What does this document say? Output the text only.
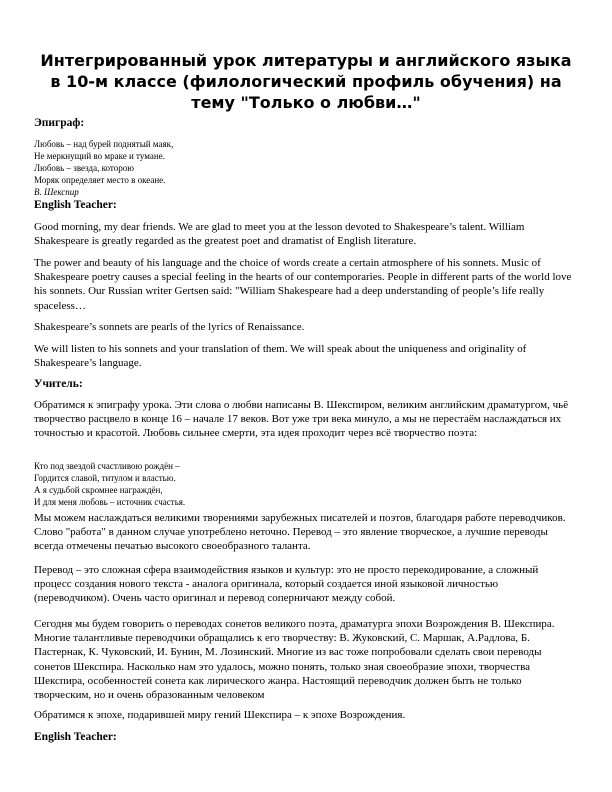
Интегрированный урок литературы и английского языка в 10-м классе (филологический профиль обучения) на тему "Только о любви…"
Эпиграф:
Любовь – над бурей поднятый маяк,
Не меркнущий во мраке и тумане.
Любовь – звезда, которою
Моряк определяет место в океане.
В. Шекспир
English Teacher:

Good morning, my dear friends. We are glad to meet you at the lesson devoted to Shakespeare’s talent. William Shakespeare is greatly regarded as the greatest poet and dramatist of English literature.

The power and beauty of his language and the choice of words create a certain atmosphere of his sonnets. Music of Shakespeare poetry causes a special feeling in the hearts of our contemporaries. People in different parts of the world love his sonnets. Our Russian writer Gertsen said: "William Shakespeare had a deep understanding of people’s life really spaceless…

Shakespeare’s sonnets are pearls of the lyrics of Renaissance.

We will listen to his sonnets and your translation of them. We will speak about the uniqueness and originality of Shakespeare’s language.

Учитель:

Обратимся к эпиграфу урока. Эти слова о любви написаны В. Шекспиром, великим английским драматургом, чьё творчество расцвело в конце 16 – начале 17 веков. Вот уже три века минуло, а мы не перестаём наслаждаться их точностью и красотой. Любовь сильнее смерти, эта идея проходит через всё творчество поэта:

Кто под звездой счастливою рождён –
Гордится славой, титулом и властью.
А я судьбой скромнее награждён,
И для меня любовь – источник счастья.

Мы можем наслаждаться великими творениями зарубежных писателей и поэтов, благодаря работе переводчиков. Слово "работа" в данном случае употреблено неточно. Перевод – это явление творческое, а лучшие переводы всегда отмечены печатью высокого своеобразного таланта.

Перевод – это сложная сфера взаимодействия языков и культур: это не просто перекодирование, а сложный процесс создания нового текста - аналога оригинала, который создается иной языковой личностью (переводчиком). Очень часто оригинал и перевод соперничают между собой.

Сегодня мы будем говорить о переводах сонетов великого поэта, драматурга эпохи Возрождения В. Шекспира. Многие талантливые переводчики обращались к его творчеству: В. Жуковский, С. Маршак, А.Радлова, Б. Пастернак, К. Чуковский, И. Бунин, М. Лозинский. Многие из вас тоже попробовали сделать свои переводы сонетов Шекспира. Насколько нам это удалось, можно понять, только зная своеобразие эпохи, творчества Шекспира, особенностей сонета как лирического жанра. Настоящий переводчик должен быть не только творческим, но и очень образованным человеком

Обратимся к эпохе, подарившей миру гений Шекспира – к эпохе Возрождения.

English Teacher:
